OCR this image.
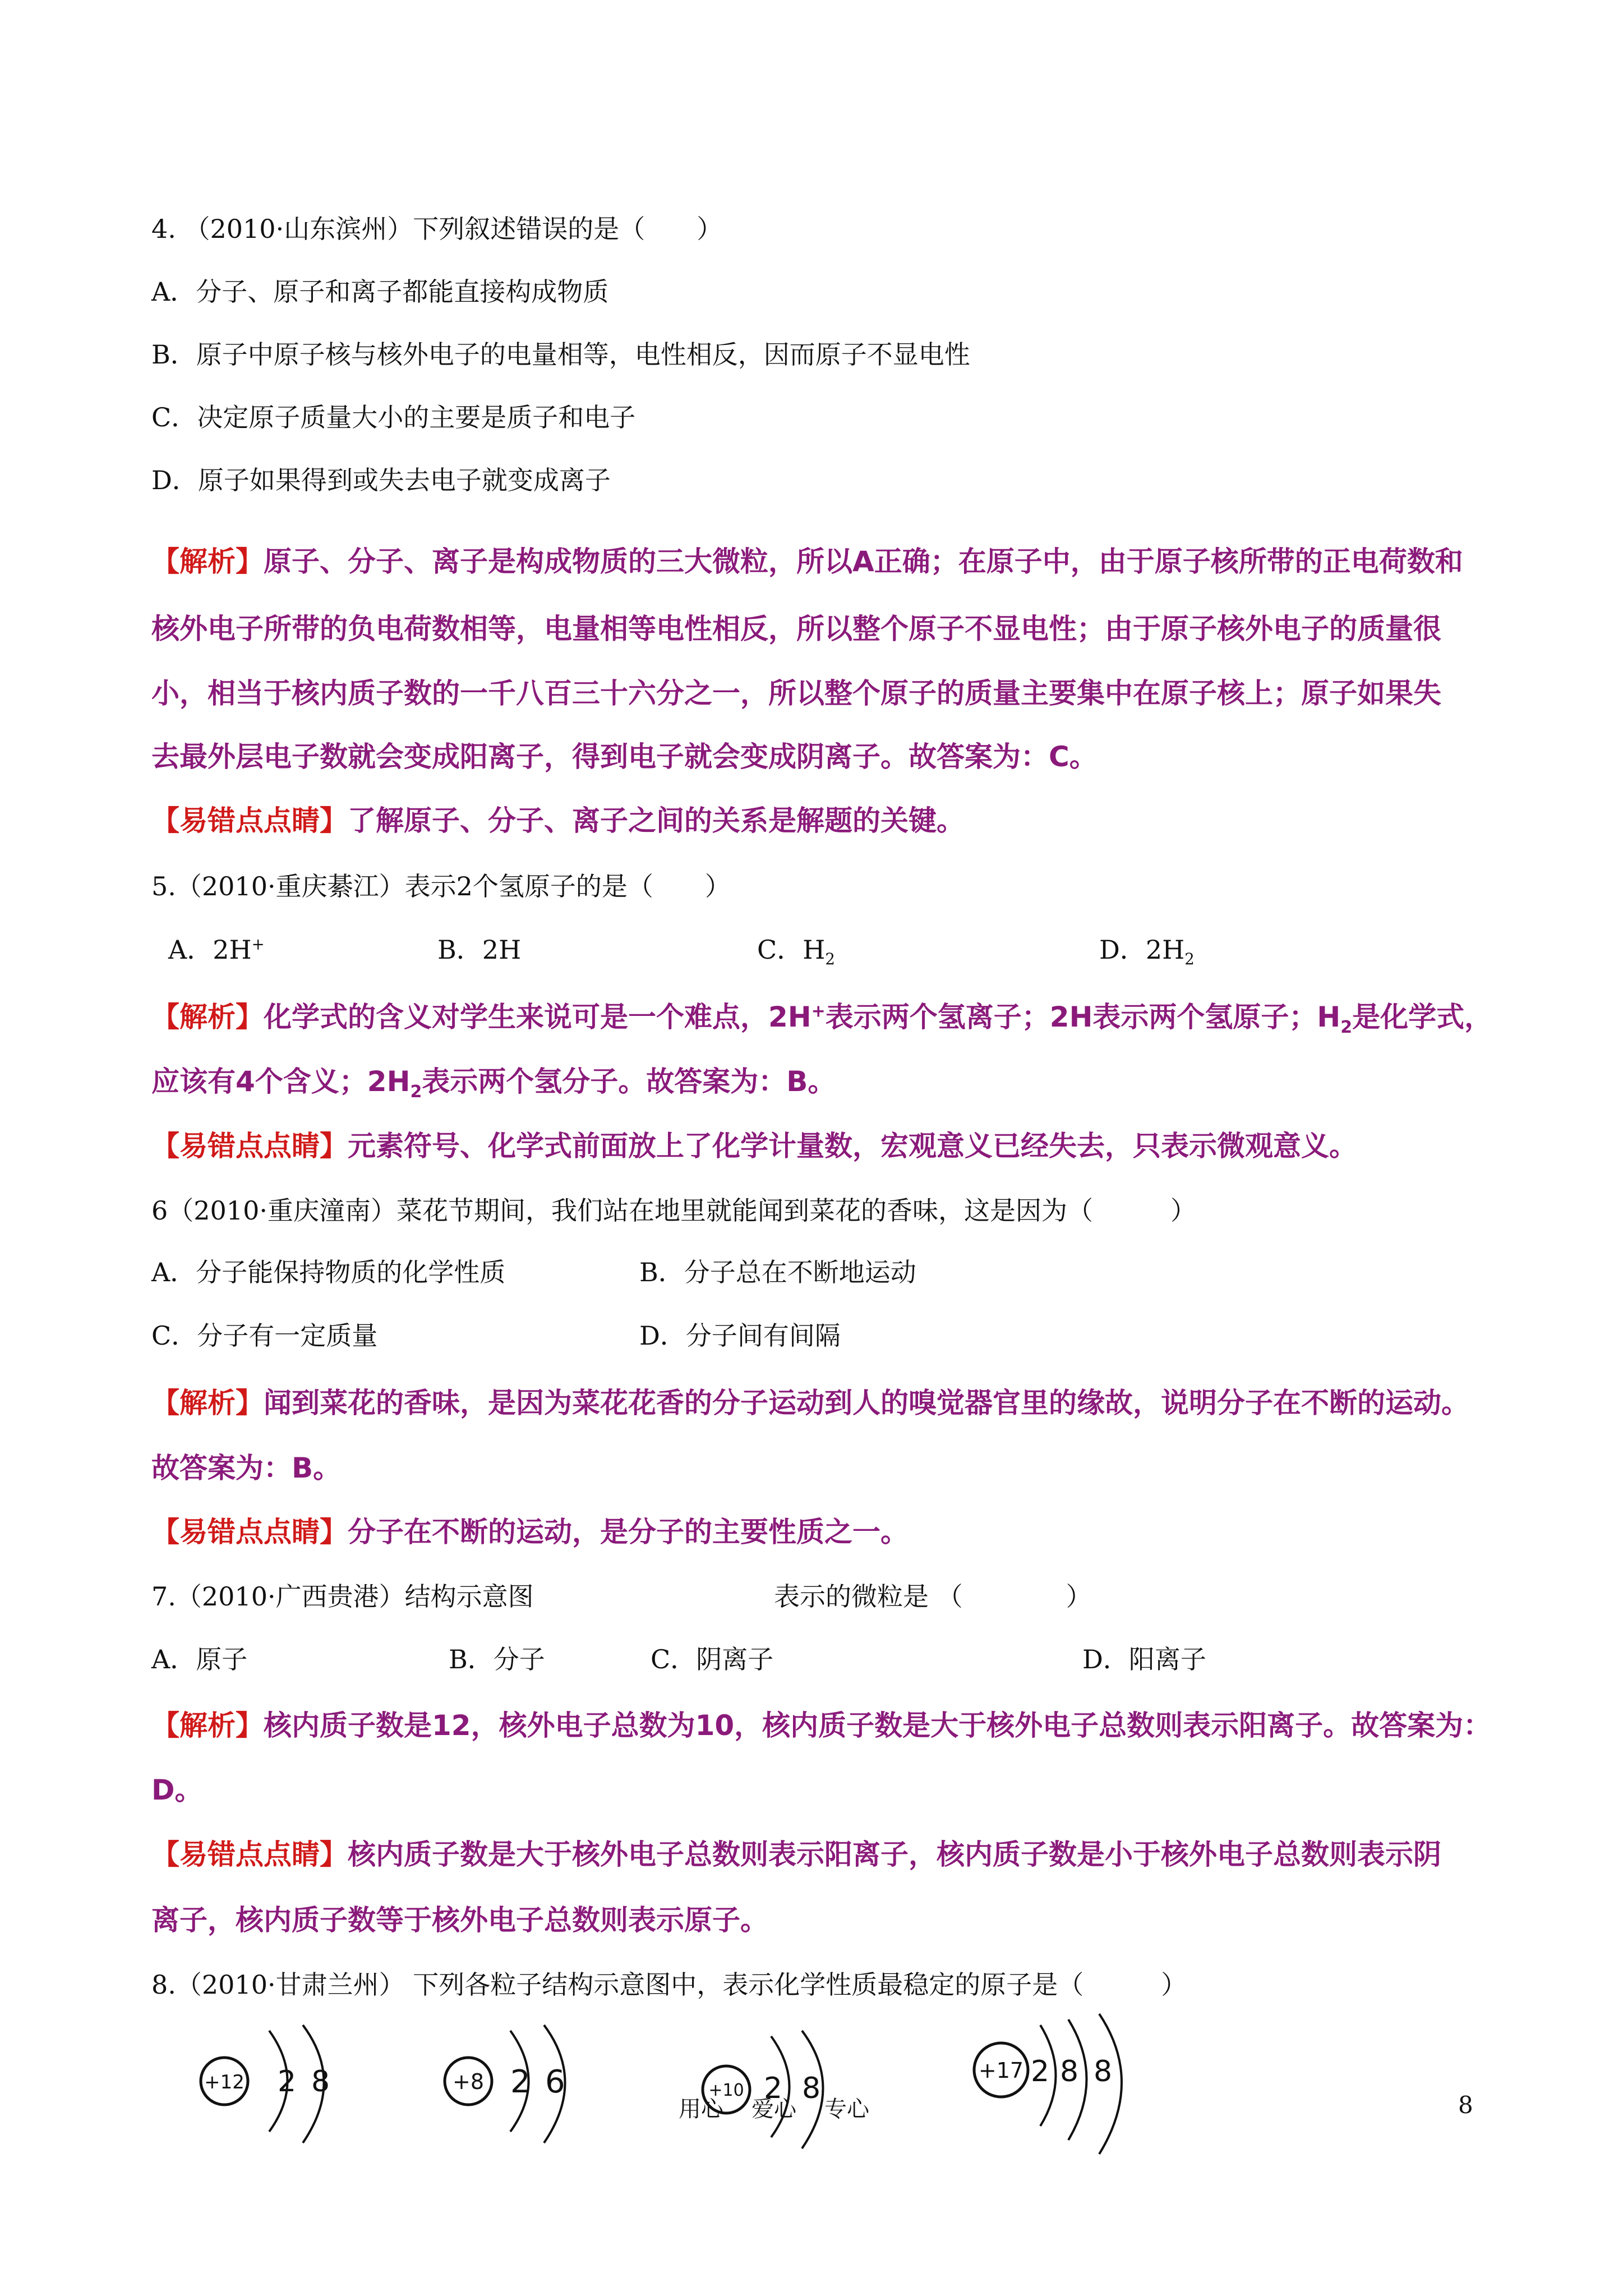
4. （2010·山东滨州）下列叙述错误的是（　　）
A．分子、原子和离子都能直接构成物质
B．原子中原子核与核外电子的电量相等，电性相反，因而原子不显电性
C．决定原子质量大小的主要是质子和电子
D．原子如果得到或失去电子就变成离子
【解析】原子、分子、离子是构成物质的三大微粒，所以A正确；在原子中，由于原子核所带的正电荷数和
核外电子所带的负电荷数相等，电量相等电性相反，所以整个原子不显电性；由于原子核外电子的质量很
小，相当于核内质子数的一千八百三十六分之一，所以整个原子的质量主要集中在原子核上；原子如果失
去最外层电子数就会变成阳离子，得到电子就会变成阴离子。故答案为：C。
【易错点点睛】了解原子、分子、离子之间的关系是解题的关键。
5.（2010·重庆綦江）表示2个氢原子的是（　　）
A．2H+	B．2H	C．$H_2$	D．$2H_2$
【解析】化学式的含义对学生来说可是一个难点，2H+表示两个氢离子；2H表示两个氢原子；$H_2$是化学式，
应该有4个含义；$2H_2$表示两个氢分子。故答案为：B。
【易错点点睛】元素符号、化学式前面放上了化学计量数，宏观意义已经失去，只表示微观意义。
6（2010·重庆潼南）菜花节期间，我们站在地里就能闻到菜花的香味，这是因为（　　　）
A．分子能保持物质的化学性质	B．分子总在不断地运动
C．分子有一定质量	D．分子间有间隔
【解析】闻到菜花的香味，是因为菜花花香的分子运动到人的嗅觉器官里的缘故，说明分子在不断的运动。
故答案为：B。
【易错点点睛】分子在不断的运动，是分子的主要性质之一。
7.（2010·广西贵港）结构示意图	表示的微粒是 （　　　　）
A．原子	B．分子	C．阴离子	D．阳离子
【解析】核内质子数是12，核外电子总数为10，核内质子数是大于核外电子总数则表示阳离子。故答案为：
D。
【易错点点睛】核内质子数是大于核外电子总数则表示阳离子，核内质子数是小于核外电子总数则表示阴
离子，核内质子数等于核外电子总数则表示原子。
8.（2010·甘肃兰州） 下列各粒子结构示意图中，表示化学性质最稳定的原子是（　　　）
+12 2 8	+8 2 6	+10 2 8
+17 2 8 8
用心 爱心 专心	8
